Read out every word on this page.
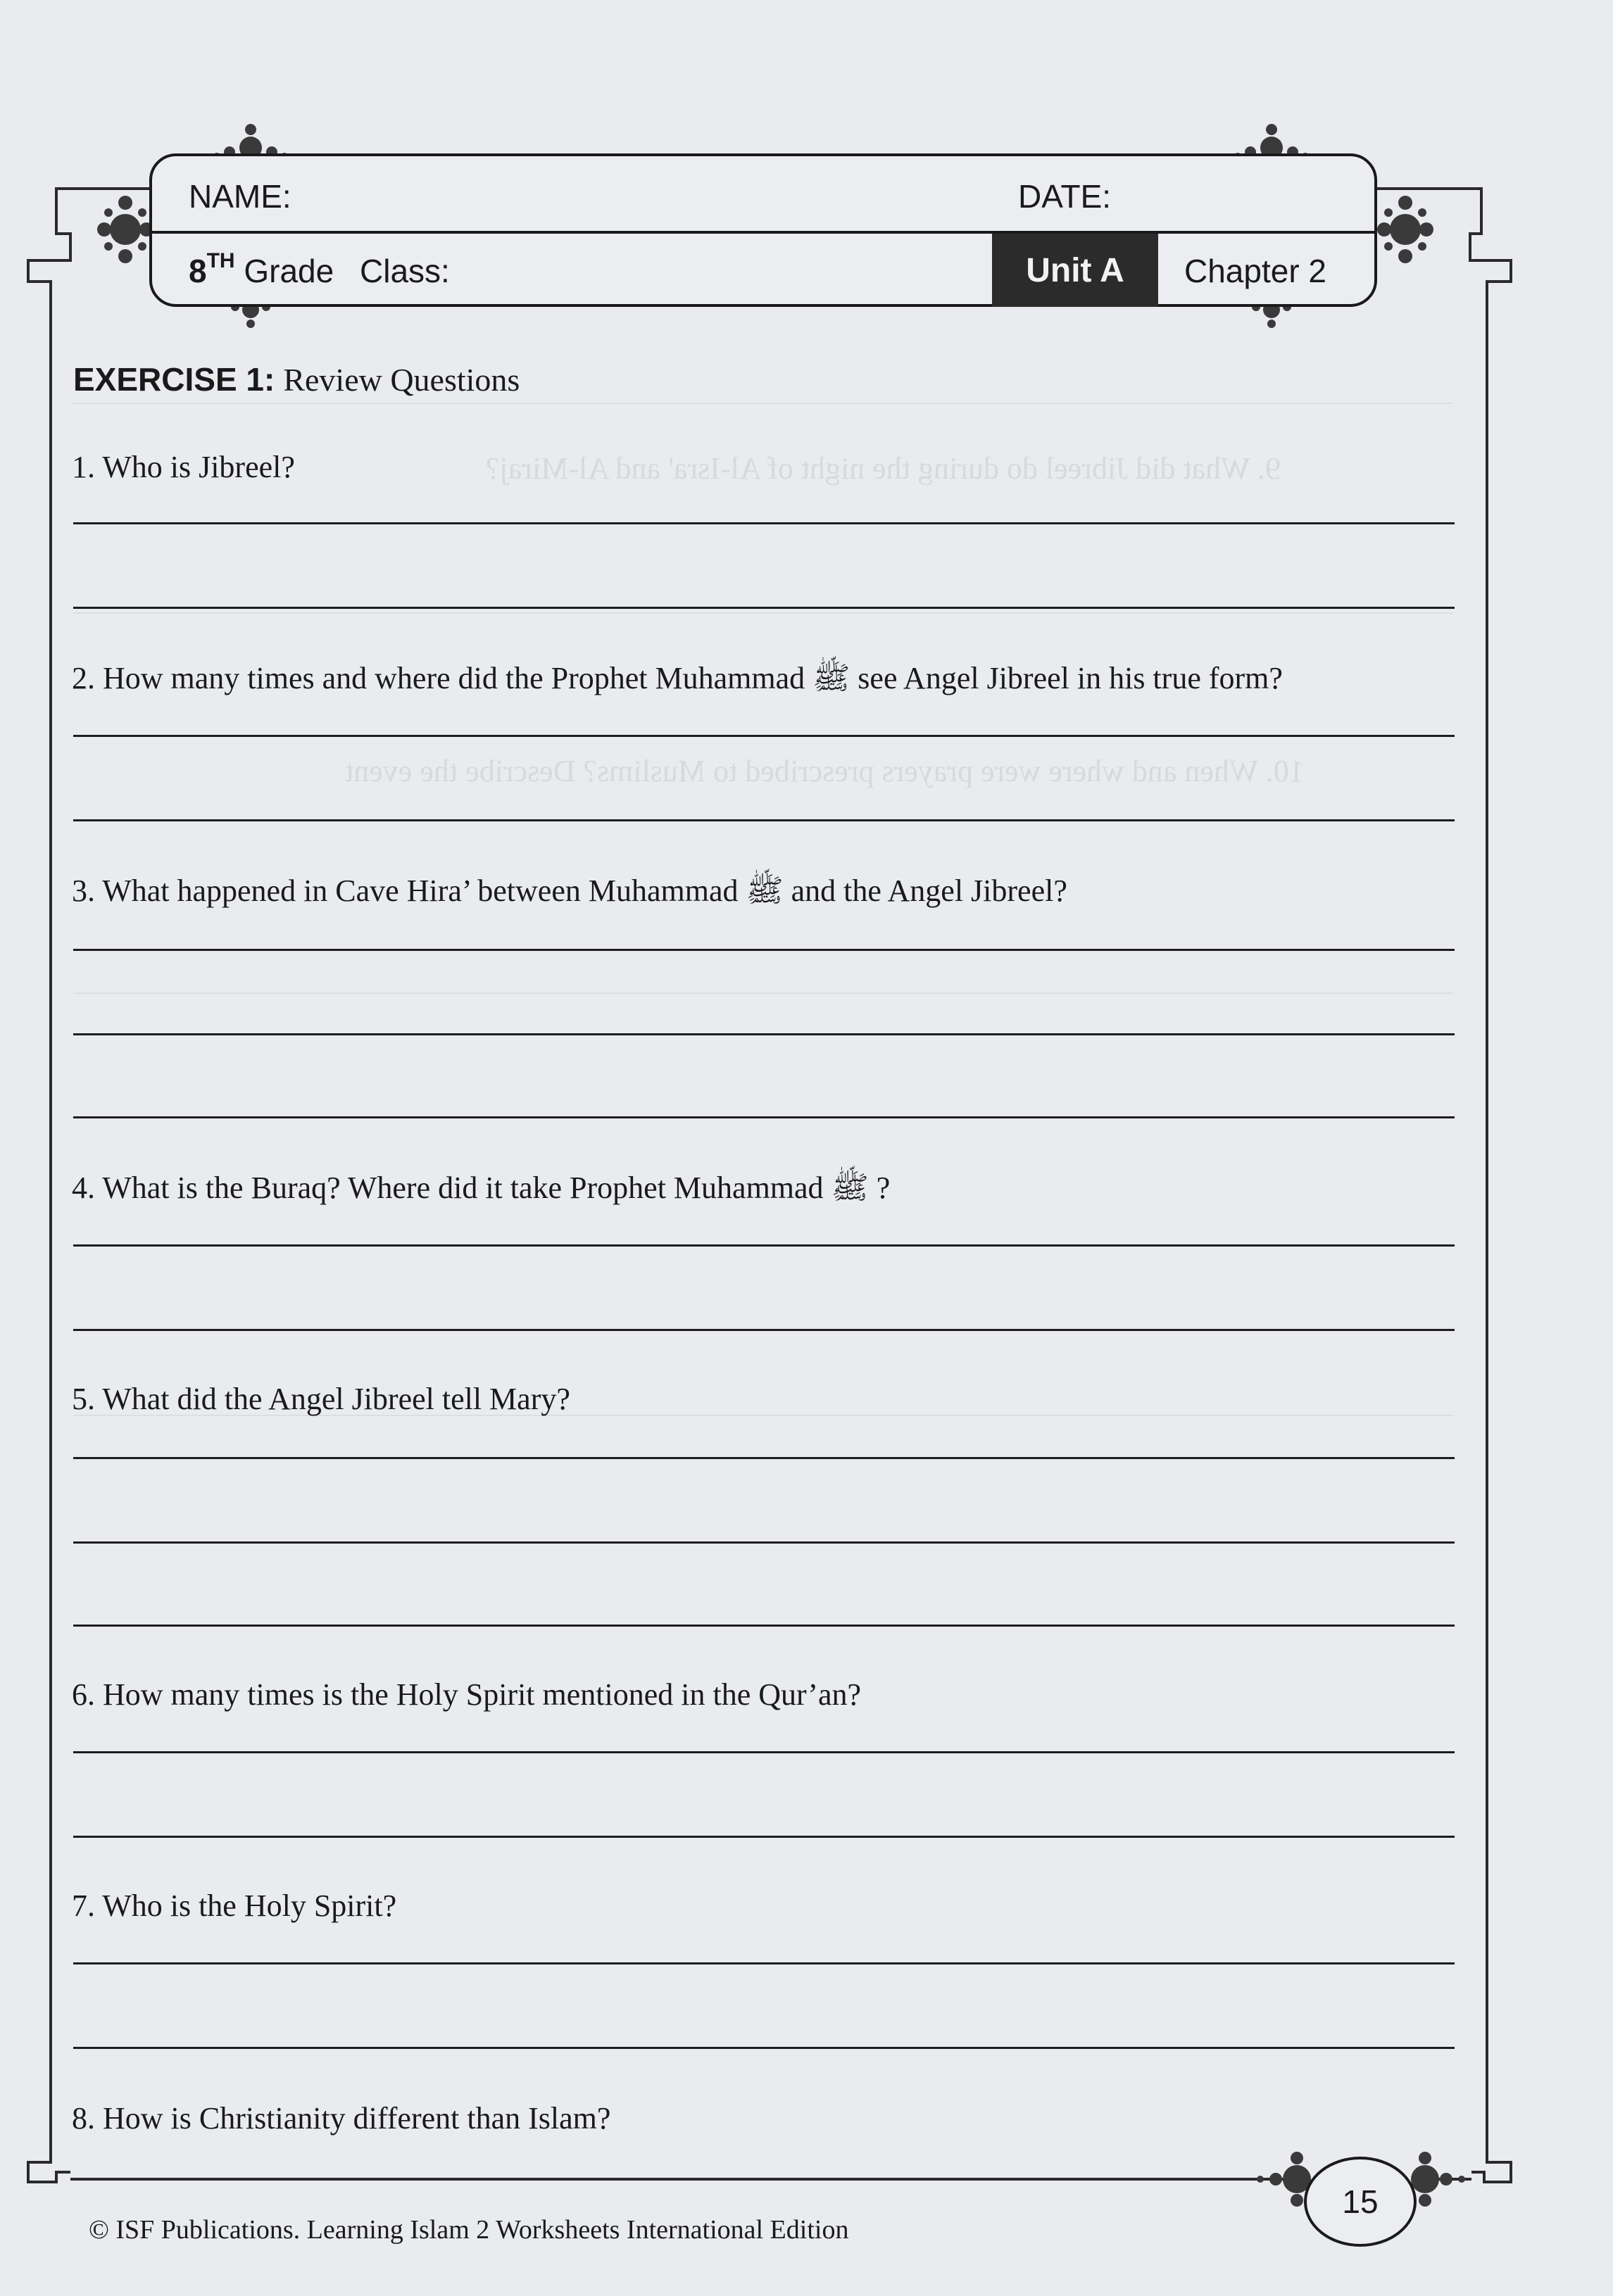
9. What did Jibreel do during the night of Al-Isra' and Al-Miraj?
10. When and where were prayers prescribed to Muslims? Describe the event
NAME:	DATE:
8TH Grade Class:	Unit A Chapter 2
EXERCISE 1: Review Questions
1. Who is Jibreel?
2. How many times and where did the Prophet Muhammad ﷺ see Angel Jibreel in his true form?
3. What happened in Cave Hira’ between Muhammad ﷺ and the Angel Jibreel?
4. What is the Buraq? Where did it take Prophet Muhammad ﷺ ?
5. What did the Angel Jibreel tell Mary?
6. How many times is the Holy Spirit mentioned in the Qur’an?
7. Who is the Holy Spirit?
8. How is Christianity different than Islam?
15
© ISF Publications. Learning Islam 2 Worksheets International Edition
